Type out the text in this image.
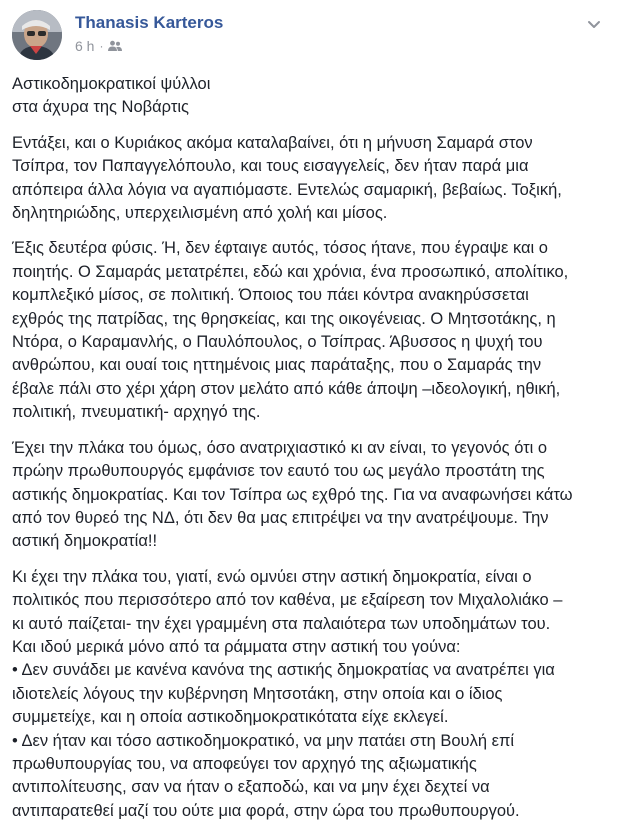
Thanasis Karteros
6 h ·

Αστικοδημοκρατικοί ψύλλοι
στα άχυρα της Νοβάρτις

Εντάξει, και ο Κυριάκος ακόμα καταλαβαίνει, ότι η μήνυση Σαμαρά στον
Τσίπρα, τον Παπαγγελόπουλο, και τους εισαγγελείς, δεν ήταν παρά μια
απόπειρα άλλα λόγια να αγαπιόμαστε. Εντελώς σαμαρική, βεβαίως. Τοξική,
δηλητηριώδης, υπερχειλισμένη από χολή και μίσος.

Έξις δευτέρα φύσις. Ή, δεν έφταιγε αυτός, τόσος ήτανε, που έγραψε και ο
ποιητής. Ο Σαμαράς μετατρέπει, εδώ και χρόνια, ένα προσωπικό, απολίτικο,
κομπλεξικό μίσος, σε πολιτική. Όποιος του πάει κόντρα ανακηρύσσεται
εχθρός της πατρίδας, της θρησκείας, και της οικογένειας. Ο Μητσοτάκης, η
Ντόρα, ο Καραμανλής, ο Παυλόπουλος, ο Τσίπρας. Άβυσσος η ψυχή του
ανθρώπου, και ουαί τοις ηττημένοις μιας παράταξης, που ο Σαμαράς την
έβαλε πάλι στο χέρι χάρη στον μελάτο από κάθε άποψη –ιδεολογική, ηθική,
πολιτική, πνευματική- αρχηγό της.

Έχει την πλάκα του όμως, όσο ανατριχιαστικό κι αν είναι, το γεγονός ότι ο
πρώην πρωθυπουργός εμφάνισε τον εαυτό του ως μεγάλο προστάτη της
αστικής δημοκρατίας. Και τον Τσίπρα ως εχθρό της. Για να αναφωνήσει κάτω
από τον θυρεό της ΝΔ, ότι δεν θα μας επιτρέψει να την ανατρέψουμε. Την
αστική δημοκρατία!!

Κι έχει την πλάκα του, γιατί, ενώ ομνύει στην αστική δημοκρατία, είναι ο
πολιτικός που περισσότερο από τον καθένα, με εξαίρεση τον Μιχαλολιάκο –
κι αυτό παίζεται- την έχει γραμμένη στα παλαιότερα των υποδημάτων του.
Και ιδού μερικά μόνο από τα ράμματα στην αστική του γούνα:
• Δεν συνάδει με κανένα κανόνα της αστικής δημοκρατίας να ανατρέπει για
ιδιοτελείς λόγους την κυβέρνηση Μητσοτάκη, στην οποία και ο ίδιος
συμμετείχε, και η οποία αστικοδημοκρατικότατα είχε εκλεγεί.
• Δεν ήταν και τόσο αστικοδημοκρατικό, να μην πατάει στη Βουλή επί
πρωθυπουργίας του, να αποφεύγει τον αρχηγό της αξιωματικής
αντιπολίτευσης, σαν να ήταν ο εξαποδώ, και να μην έχει δεχτεί να
αντιπαρατεθεί μαζί του ούτε μια φορά, στην ώρα του πρωθυπουργού.
